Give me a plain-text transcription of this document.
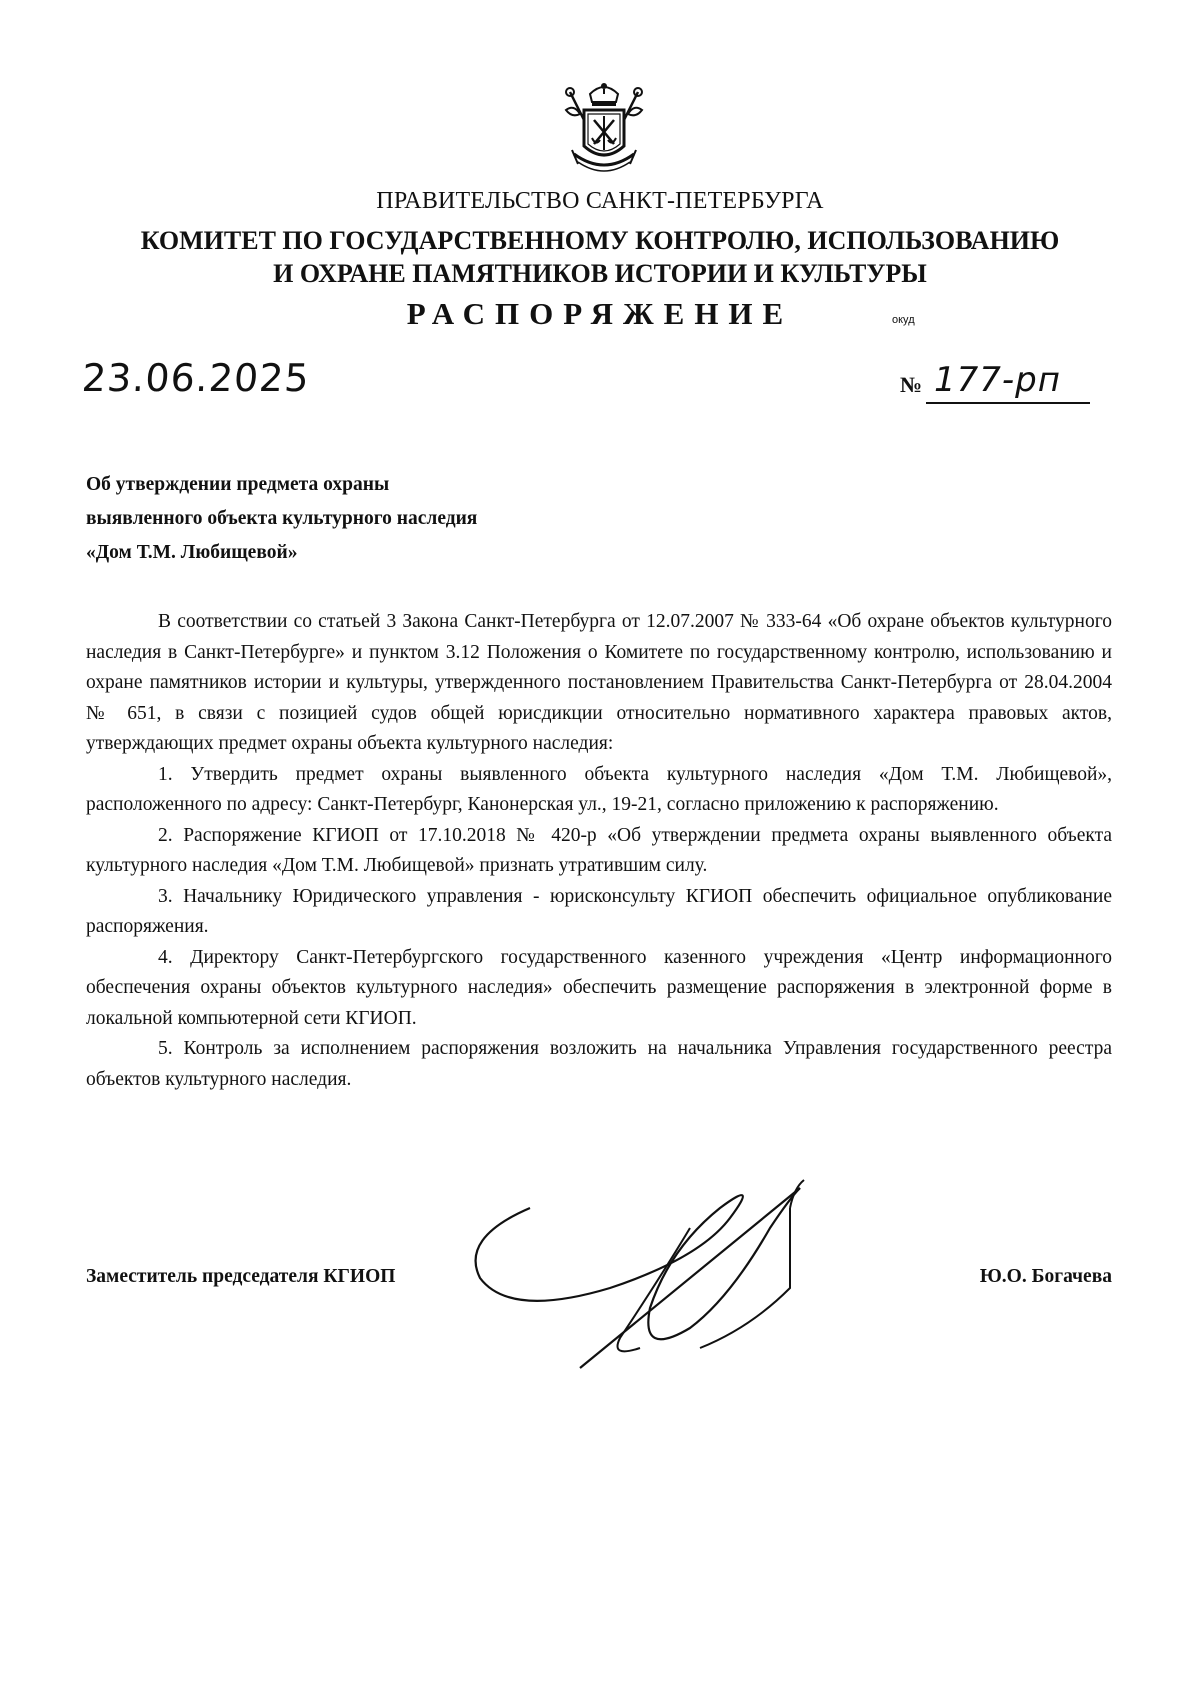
ПРАВИТЕЛЬСТВО САНКТ-ПЕТЕРБУРГА
КОМИТЕТ ПО ГОСУДАРСТВЕННОМУ КОНТРОЛЮ, ИСПОЛЬЗОВАНИЮ
И ОХРАНЕ ПАМЯТНИКОВ ИСТОРИИ И КУЛЬТУРЫ
РАСПОРЯЖЕНИЕ	окуд
23.06.2025	№ 177-рп
Об утверждении предмета охраны
выявленного объекта культурного наследия
«Дом Т.М. Любищевой»

В соответствии со статьей 3 Закона Санкт-Петербурга от 12.07.2007 № 333-64 «Об охране объектов культурного наследия в Санкт-Петербурге» и пунктом 3.12 Положения о Комитете по государственному контролю, использованию и охране памятников истории и культуры, утвержденного постановлением Правительства Санкт-Петербурга от 28.04.2004 № 651, в связи с позицией судов общей юрисдикции относительно нормативного характера правовых актов, утверждающих предмет охраны объекта культурного наследия:

1. Утвердить предмет охраны выявленного объекта культурного наследия «Дом Т.М. Любищевой», расположенного по адресу: Санкт-Петербург, Канонерская ул., 19-21, согласно приложению к распоряжению.

2. Распоряжение КГИОП от 17.10.2018 № 420-р «Об утверждении предмета охраны выявленного объекта культурного наследия «Дом Т.М. Любищевой» признать утратившим силу.

3. Начальнику Юридического управления - юрисконсульту КГИОП обеспечить официальное опубликование распоряжения.

4. Директору Санкт-Петербургского государственного казенного учреждения «Центр информационного обеспечения охраны объектов культурного наследия» обеспечить размещение распоряжения в электронной форме в локальной компьютерной сети КГИОП.

5. Контроль за исполнением распоряжения возложить на начальника Управления государственного реестра объектов культурного наследия.

Заместитель председателя КГИОП	Ю.О. Богачева
